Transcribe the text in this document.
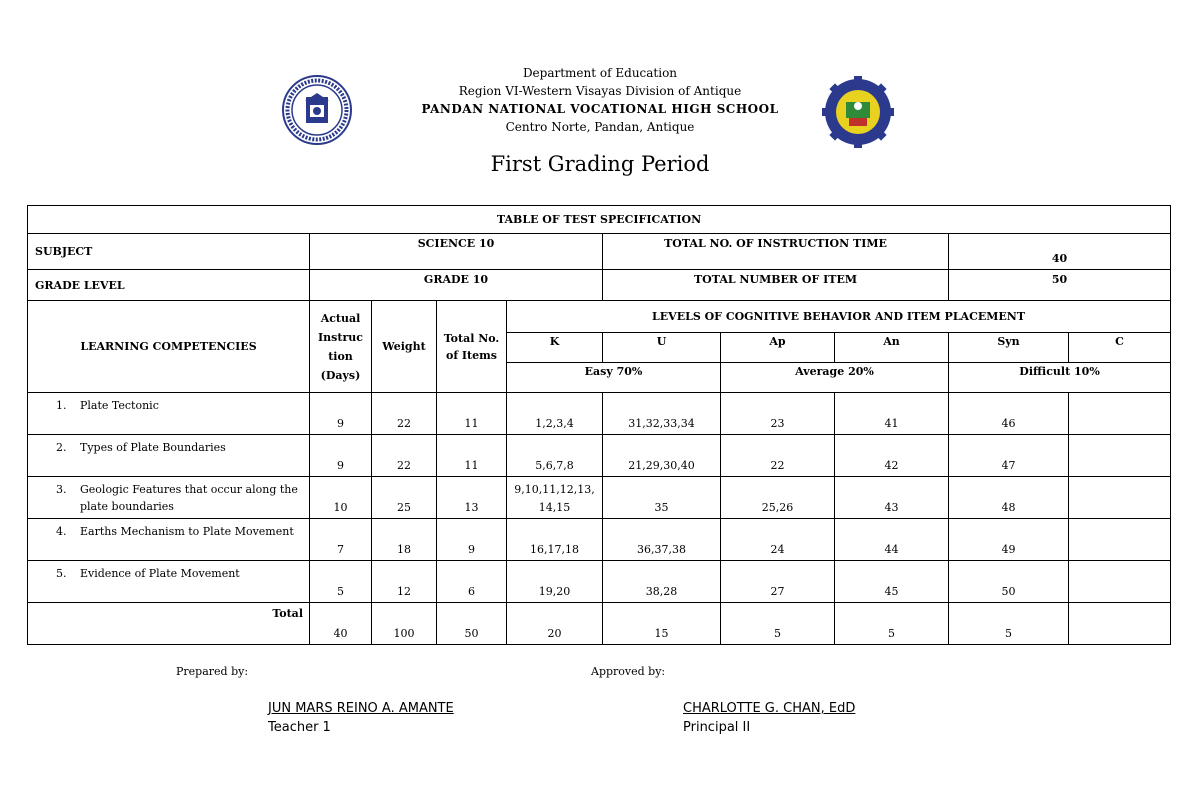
Department of Education
Region VI-Western Visayas Division of Antique
PANDAN NATIONAL VOCATIONAL HIGH SCHOOL
Centro Norte, Pandan, Antique
First Grading Period
TABLE OF TEST SPECIFICATION									
SUBJECT	SCIENCE 10				TOTAL NO. OF INSTRUCTION TIME			40	
GRADE LEVEL	GRADE 10				TOTAL NUMBER OF ITEM			50	
LEARNING COMPETENCIES	Actual Instruc tion (Days)	Weight	Total No. of Items	LEVELS OF COGNITIVE BEHAVIOR AND ITEM PLACEMENT					
				K	U	Ap	An	Syn	C
				Easy 70%		Average 20%		Difficult 10%	

1. Plate Tectonic	9	22	11	1,2,3,4	31,32,33,34	23	41	46	

2. Types of Plate Boundaries	9	22	11	5,6,7,8	21,29,30,40	22	42	47	

3. Geologic Features that occur along the plate boundaries	10	25	13	9,10,11,12,13, 14,15	35	25,26	43	48	

4. Earths Mechanism to Plate Movement	7	18	9	16,17,18	36,37,38	24	44	49	

5. Evidence of Plate Movement	5	12	6	19,20	38,28	27	45	50	
Total	40	100	50	20	15	5	5	5	
Prepared by:	Approved by:
JUN MARS REINO A. AMANTE
Teacher 1
CHARLOTTE G. CHAN, EdD
Principal II
